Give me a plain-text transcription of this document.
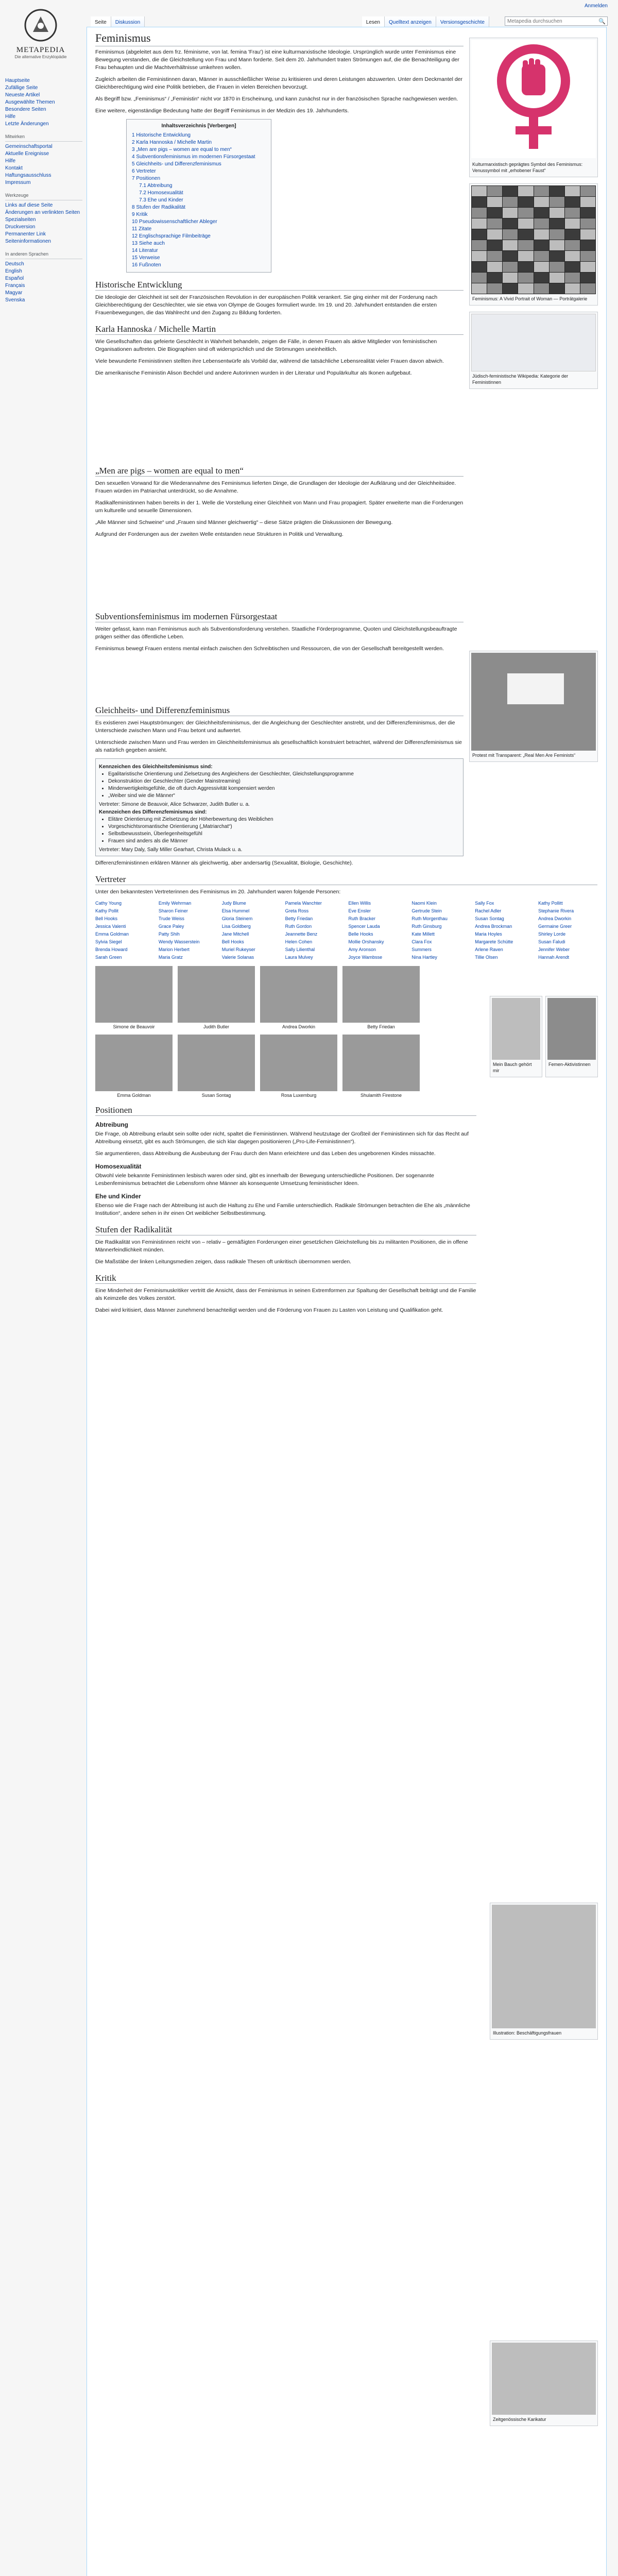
Anmelden
METAPEDIA
Die alternative Enzyklopädie
Seite	Diskussion	Lesen	Quelltext anzeigen	Versionsgeschichte
Metapedia durchsuchen	🔍
Hauptseite
Zufällige Seite
Neueste Artikel
Ausgewählte Themen
Besondere Seiten
Hilfe
Letzte Änderungen
Mitwirken
Gemeinschaftsportal
Aktuelle Ereignisse
Hilfe
Kontakt
Haftungsausschluss
Impressum
Werkzeuge
Links auf diese Seite
Änderungen an verlinkten Seiten
Spezialseiten
Druckversion
Permanenter Link
Seiteninformationen
In anderen Sprachen
Deutsch
English
Español
Français
Magyar
Svenska
Kulturmarxistisch geprägtes Symbol des Feminismus: Venussymbol mit „erhobener Faust“
Feminismus: A Vivid Portrait of Woman — Porträtgalerie
Jüdisch-feministische Wikipedia: Kategorie der Feministinnen
Protest mit Transparent: „Real Men Are Feminists“
Mein Bauch gehört mir
Femen-Aktivistinnen
Illustration: Beschäftigungsfrauen
Zeitgenössische Karikatur
Feminismus

Feminismus (abgeleitet aus dem frz. féminisme, von lat. femina 'Frau') ist eine kulturmarxistische Ideologie. Ursprünglich wurde unter Feminismus eine Bewegung verstanden, die die Gleichstellung von Frau und Mann forderte. Seit dem 20. Jahrhundert traten Strömungen auf, die die Benachteiligung der Frau behaupten und die Machtverhältnisse umkehren wollen.

Zugleich arbeiten die Feministinnen daran, Männer in ausschließlicher Weise zu kritisieren und deren Leistungen abzuwerten. Unter dem Deckmantel der Gleichberechtigung wird eine Politik betrieben, die Frauen in vielen Bereichen bevorzugt.

Als Begriff bzw. „Feminismus“ / „Feministin“ nicht vor 1870 in Erscheinung, und kann zunächst nur in der französischen Sprache nachgewiesen werden.

Eine weitere, eigenständige Bedeutung hatte der Begriff Feminismus in der Medizin des 19. Jahrhunderts.

Inhaltsverzeichnis [Verbergen]
1 Historische Entwicklung
2 Karla Hannoska / Michelle Martin
3 „Men are pigs – women are equal to men“
4 Subventionsfeminismus im modernen Fürsorgestaat
5 Gleichheits- und Differenzfeminismus
6 Vertreter
7 Positionen
7.1 Abtreibung
7.2 Homosexualität
7.3 Ehe und Kinder
8 Stufen der Radikalität
9 Kritik
10 Pseudowissenschaftlicher Ableger
11 Zitate
12 Englischsprachige Filmbeiträge
13 Siehe auch
14 Literatur
15 Verweise
16 Fußnoten
Historische Entwicklung

Die Ideologie der Gleichheit ist seit der Französischen Revolution in der europäischen Politik verankert. Sie ging einher mit der Forderung nach Gleichberechtigung der Geschlechter, wie sie etwa von Olympe de Gouges formuliert wurde. Im 19. und 20. Jahrhundert entstanden die ersten Frauenbewegungen, die das Wahlrecht und den Zugang zu Bildung forderten.

Karla Hannoska / Michelle Martin

Wie Gesellschaften das gefeierte Geschlecht in Wahrheit behandeln, zeigen die Fälle, in denen Frauen als aktive Mitglieder von feministischen Organisationen auftreten. Die Biographien sind oft widersprüchlich und die Strömungen uneinheitlich.

Viele bewunderte Feministinnen stellten ihre Lebensentwürfe als Vorbild dar, während die tatsächliche Lebensrealität vieler Frauen davon abwich.

Die amerikanische Feministin Alison Bechdel und andere Autorinnen wurden in der Literatur und Populärkultur als Ikonen aufgebaut.

„Men are pigs – women are equal to men“

Den sexuellen Vorwand für die Wiederannahme des Feminismus lieferten Dinge, die Grundlagen der Ideologie der Aufklärung und der Gleichheitsidee. Frauen würden im Patriarchat unterdrückt, so die Annahme.

Radikalfeministinnen haben bereits in der 1. Welle die Vorstellung einer Gleichheit von Mann und Frau propagiert. Später erweiterte man die Forderungen um kulturelle und sexuelle Dimensionen.

„Alle Männer sind Schweine“ und „Frauen sind Männer gleichwertig“ – diese Sätze prägten die Diskussionen der Bewegung.

Aufgrund der Forderungen aus der zweiten Welle entstanden neue Strukturen in Politik und Verwaltung.

Subventionsfeminismus im modernen Fürsorgestaat

Weiter gefasst, kann man Feminismus auch als Subventionsforderung verstehen. Staatliche Förderprogramme, Quoten und Gleichstellungsbeauftragte prägen seither das öffentliche Leben.

Feminismus bewegt Frauen erstens mental einfach zwischen den Schreibtischen und Ressourcen, die von der Gesellschaft bereitgestellt werden.

Gleichheits- und Differenzfeminismus

Es existieren zwei Hauptströmungen: der Gleichheitsfeminismus, der die Angleichung der Geschlechter anstrebt, und der Differenzfeminismus, der die Unterschiede zwischen Mann und Frau betont und aufwertet.

Unterschiede zwischen Mann und Frau werden im Gleichheitsfeminismus als gesellschaftlich konstruiert betrachtet, während der Differenzfeminismus sie als natürlich gegeben ansieht.

Kennzeichen des Gleichheitsfeminismus sind:
• Egalitaristische Orientierung und Zielsetzung des Angleichens der Geschlechter, Gleichstellungsprogramme
• Dekonstruktion der Geschlechter (Gender Mainstreaming)
• Minderwertigkeitsgefühle, die oft durch Aggressivität kompensiert werden
• „Weiber sind wie die Männer“
Vertreter: Simone de Beauvoir, Alice Schwarzer, Judith Butler u. a.
Kennzeichen des Differenzfeminismus sind:
• Elitäre Orientierung mit Zielsetzung der Höherbewertung des Weiblichen
• Vorgeschichtsromantische Orientierung („Matriarchat“)
• Selbstbewusstsein, Überlegenheitsgefühl
• Frauen sind anders als die Männer
Vertreter: Mary Daly, Sally Miller Gearhart, Christa Mulack u. a.

Differenzfeministinnen erklären Männer als gleichwertig, aber andersartig (Sexualität, Biologie, Geschichte).

Vertreter

Unter den bekanntesten Vertreterinnen des Feminismus im 20. Jahrhundert waren folgende Personen:

Cathy Young	Emily Wehrman	Judy Blume	Pamela Wanchter	Ellen Willis	Naomi Klein	Sally Fox	Kathy Pollitt
Kathy Pollit	Sharon Feiner	Elsa Hummel	Greta Ross	Eve Ensler	Gertrude Stein	Rachel Adler	Stephanie Rivera
Bell Hooks	Trude Weiss	Gloria Steinem	Betty Friedan	Ruth Bracker	Ruth Morgenthau	Susan Sontag	Andrea Dworkin
Jessica Valenti	Grace Paley	Lisa Goldberg	Ruth Gordon	Spencer Lauda	Ruth Ginsburg	Andrea Brockman	Germaine Greer
Emma Goldman	Patty Shih	Jane Mitchell	Jeannette Benz	Belle Hooks	Kate Millett	Maria Hoyles	Shirley Lorde
Sylvia Siegel	Wendy Wasserstein	Bell Hooks	Helen Cohen	Mollie Orshansky	Clara Fox	Margarete Schütte	Susan Faludi
Brenda Howard	Marion Herbert	Muriel Rukeyser	Sally Lilienthal	Amy Aronson	Summers	Arlene Raven	Jennifer Weber
Sarah Green	Maria Gratz	Valerie Solanas	Laura Mulvey	Joyce Wambsse	Nina Hartley	Tillie Olsen	Hannah Arendt
Simone de Beauvoir	Judith Butler	Andrea Dworkin	Betty Friedan
Emma Goldman	Susan Sontag	Rosa Luxemburg	Shulamith Firestone
Positionen
Abtreibung

Die Frage, ob Abtreibung erlaubt sein sollte oder nicht, spaltet die Feministinnen. Während heutzutage der Großteil der Feministinnen sich für das Recht auf Abtreibung einsetzt, gibt es auch Strömungen, die sich klar dagegen positionieren („Pro-Life-Feministinnen“).

Sie argumentieren, dass Abtreibung die Ausbeutung der Frau durch den Mann erleichtere und das Leben des ungeborenen Kindes missachte.

Homosexualität

Obwohl viele bekannte Feministinnen lesbisch waren oder sind, gibt es innerhalb der Bewegung unterschiedliche Positionen. Der sogenannte Lesbenfeminismus betrachtet die Lebensform ohne Männer als konsequente Umsetzung feministischer Ideen.

Ehe und Kinder

Ebenso wie die Frage nach der Abtreibung ist auch die Haltung zu Ehe und Familie unterschiedlich. Radikale Strömungen betrachten die Ehe als „männliche Institution“, andere sehen in ihr einen Ort weiblicher Selbstbestimmung.

Stufen der Radikalität

Die Radikalität von Feministinnen reicht von – relativ – gemäßigten Forderungen einer gesetzlichen Gleichstellung bis zu militanten Positionen, die in offene Männerfeindlichkeit münden.

Die Maßstäbe der linken Leitungsmedien zeigen, dass radikale Thesen oft unkritisch übernommen werden.

Kritik

Eine Minderheit der Feminismuskritiker vertritt die Ansicht, dass der Feminismus in seinen Extremformen zur Spaltung der Gesellschaft beiträgt und die Familie als Keimzelle des Volkes zerstört.

Dabei wird kritisiert, dass Männer zunehmend benachteiligt werden und die Förderung von Frauen zu Lasten von Leistung und Qualifikation geht.
